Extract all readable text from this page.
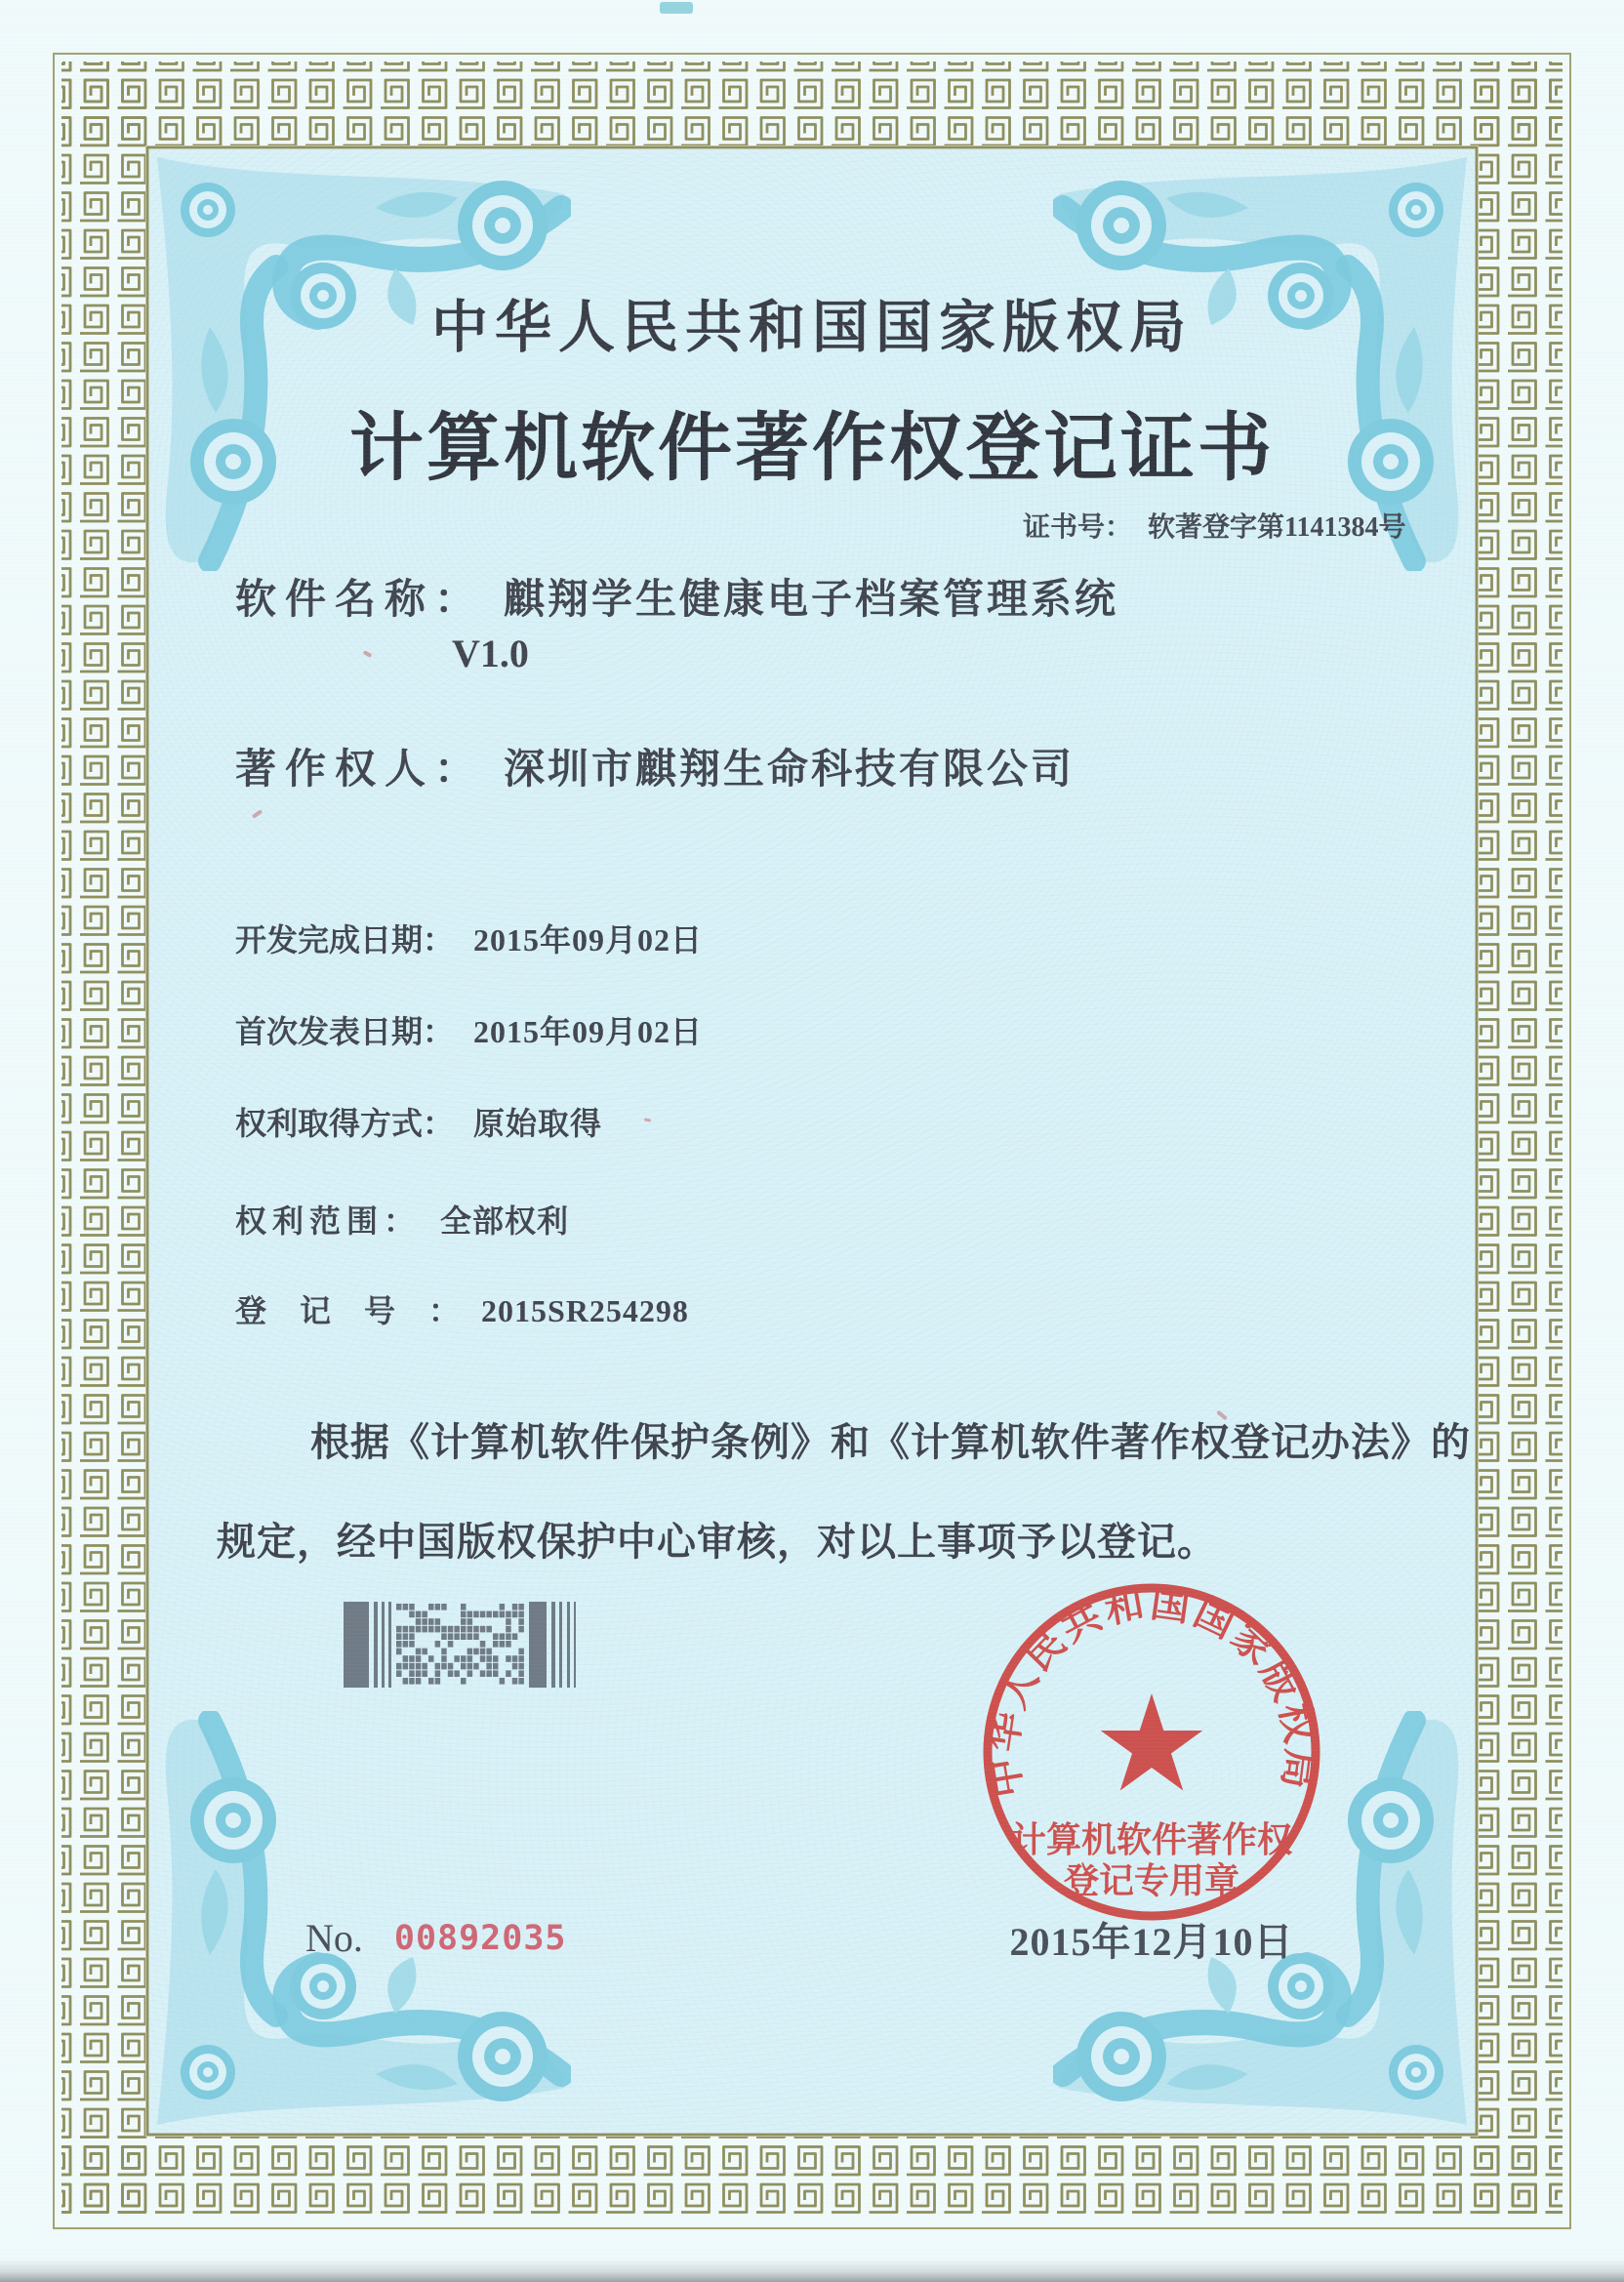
中华人民共和国国家版权局
计算机软件著作权登记证书
证书号： 软著登字第1141384号
软件名称： 麒翔学生健康电子档案管理系统
V1.0
著作权人： 深圳市麒翔生命科技有限公司
开发完成日期： 2015年09月02日
首次发表日期： 2015年09月02日
权利取得方式： 原始取得
权利范围： 全部权利
登记号：2015SR254298
根据《计算机软件保护条例》和《计算机软件著作权登记办法》的
规定，经中国版权保护中心审核，对以上事项予以登记。
No. 00892035	2015年12月10日
中华人民共和国国家版权局
计算机软件著作权
登记专用章
